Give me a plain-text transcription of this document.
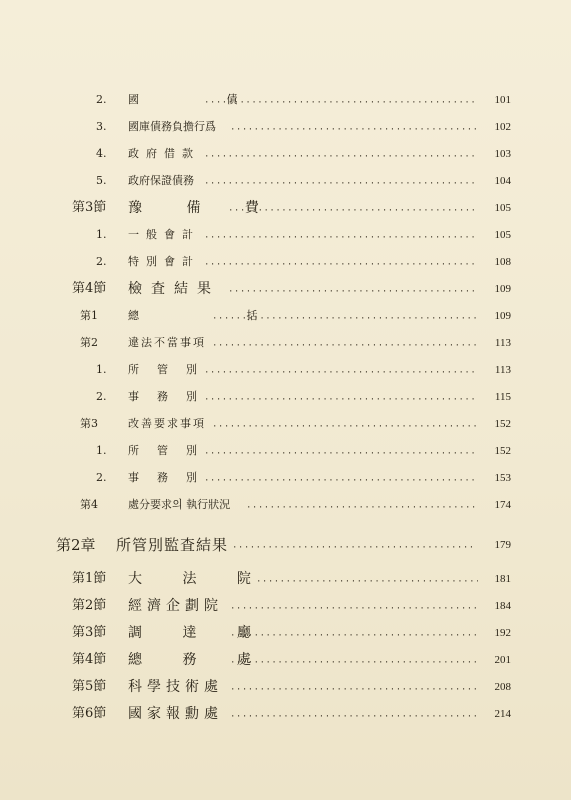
2. 國 債 ·····	101
3. 國庫債務負擔行爲 ·····	102
4. 政府借款 ·····	103
5. 政府保證債務 ·····	104
第3節 豫 備 費 ·····	105
1. 一般會計 ·····	105
2. 特別會計 ·····	108
第4節 檢査結果 ·····	109
第1	總 括 ·····	109
第2	違法不當事項 ·····	113
1. 所管別 ·····	113
2. 事務別 ·····	115
第3	改善要求事項 ·····	152
1. 所管別 ·····	152
2. 事務別 ·····	153
第4	處分要求의 執行狀況 ·····	174
第2章 所管別監査結果 ·····	179
第1節 大 法 院 ·····	181
第2節 經濟企劃院 ·····	184
第3節 調 達 廳 ·····	192
第4節 總 務 處 ·····	201
第5節 科學技術處 ·····	208
第6節 國家報勳處 ·····	214
